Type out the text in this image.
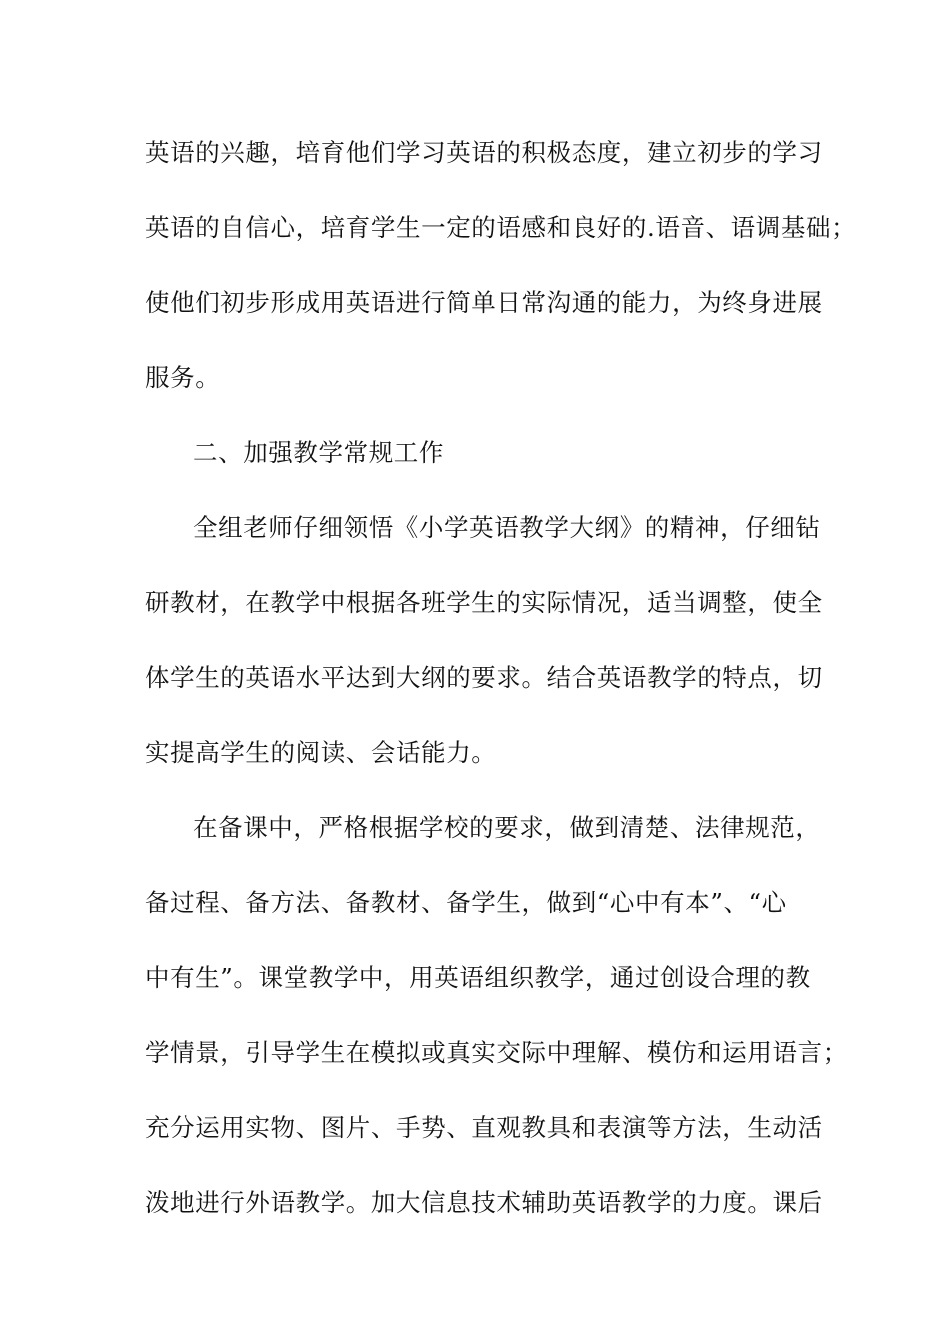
英语的兴趣，培育他们学习英语的积极态度，建立初步的学习
英语的自信心，培育学生一定的语感和良好的.语音、语调基础；
使他们初步形成用英语进行简单日常沟通的能力，为终身进展
服务。
二、加强教学常规工作
全组老师仔细领悟《小学英语教学大纲》的精神，仔细钻
研教材，在教学中根据各班学生的实际情况，适当调整，使全
体学生的英语水平达到大纲的要求。结合英语教学的特点，切
实提高学生的阅读、会话能力。
在备课中，严格根据学校的要求，做到清楚、法律规范，
备过程、备方法、备教材、备学生，做到“心中有本”、“心
中有生”。课堂教学中，用英语组织教学，通过创设合理的教
学情景，引导学生在模拟或真实交际中理解、模仿和运用语言；
充分运用实物、图片、手势、直观教具和表演等方法，生动活
泼地进行外语教学。加大信息技术辅助英语教学的力度。课后
